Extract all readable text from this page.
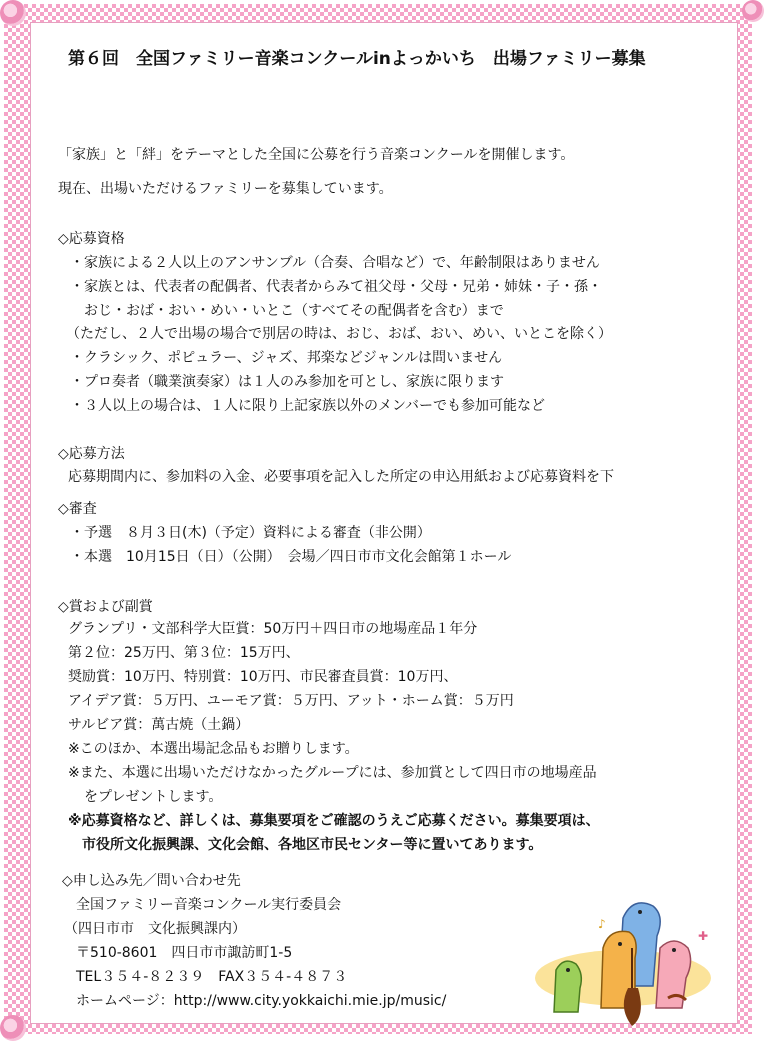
第６回　全国ファミリー音楽コンクールinよっかいち　出場ファミリー募集
「家族」と「絆」をテーマとした全国に公募を行う音楽コンクールを開催します。
現在、出場いただけるファミリーを募集しています。
◇応募資格
・家族による２人以上のアンサンブル（合奏、合唱など）で、年齢制限はありません
・家族とは、代表者の配偶者、代表者からみて祖父母・父母・兄弟・姉妹・子・孫・
おじ・おば・おい・めい・いとこ（すべてその配偶者を含む）まで
（ただし、２人で出場の場合で別居の時は、おじ、おば、おい、めい、いとこを除く）
・クラシック、ポピュラー、ジャズ、邦楽などジャンルは問いません
・プロ奏者（職業演奏家）は１人のみ参加を可とし、家族に限ります
・３人以上の場合は、１人に限り上記家族以外のメンバーでも参加可能など
◇応募方法
応募期間内に、参加料の入金、必要事項を記入した所定の申込用紙および応募資料を下
◇審査
・予選　８月３日(木)（予定）資料による審査（非公開）
・本選　10月15日（日）（公開）　会場／四日市市文化会館第１ホール
◇賞および副賞
グランプリ・文部科学大臣賞：50万円＋四日市の地場産品１年分
第２位：25万円、第３位：15万円、
奨励賞：10万円、特別賞：10万円、市民審査員賞：10万円、
アイデア賞：５万円、ユーモア賞：５万円、アット・ホーム賞：５万円
サルビア賞：萬古焼（土鍋）
※このほか、本選出場記念品もお贈りします。
※また、本選に出場いただけなかったグループには、参加賞として四日市の地場産品
をプレゼントします。
※応募資格など、詳しくは、募集要項をご確認のうえご応募ください。募集要項は、
市役所文化振興課、文化会館、各地区市民センター等に置いてあります。
◇申し込み先／問い合わせ先
全国ファミリー音楽コンクール実行委員会
（四日市市　文化振興課内）
〒510-8601　四日市市諏訪町1-5
TEL３５４-８２３９　FAX３５４-４８７３
ホームページ：http://www.city.yokkaichi.mie.jp/music/
✚
♪
